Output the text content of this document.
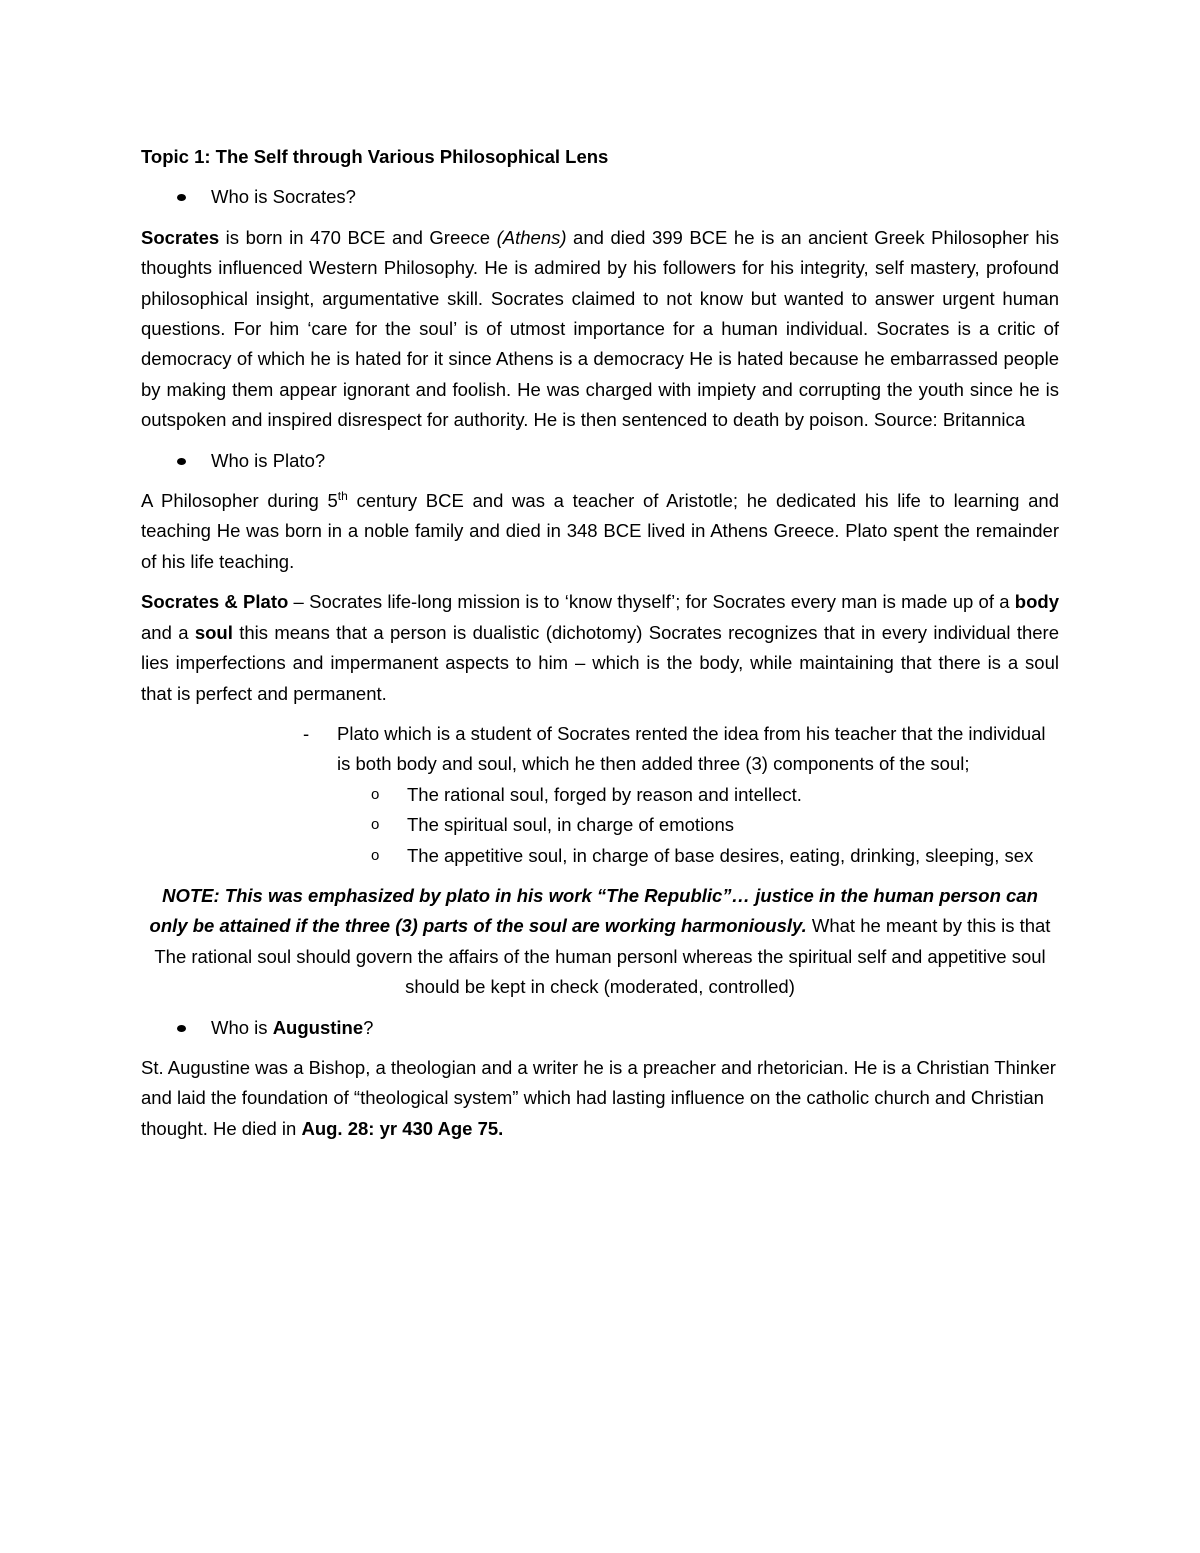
Topic 1: The Self through Various Philosophical Lens

Who is Socrates?

Socrates is born in 470 BCE and Greece (Athens) and died 399 BCE he is an ancient Greek Philosopher his thoughts influenced Western Philosophy. He is admired by his followers for his integrity, self mastery, profound philosophical insight, argumentative skill. Socrates claimed to not know but wanted to answer urgent human questions. For him ‘care for the soul’ is of utmost importance for a human individual. Socrates is a critic of democracy of which he is hated for it since Athens is a democracy He is hated because he embarrassed people by making them appear ignorant and foolish. He was charged with impiety and corrupting the youth since he is outspoken and inspired disrespect for authority. He is then sentenced to death by poison. Source: Britannica

Who is Plato?

A Philosopher during 5th century BCE and was a teacher of Aristotle; he dedicated his life to learning and teaching He was born in a noble family and died in 348 BCE lived in Athens Greece. Plato spent the remainder of his life teaching.

Socrates & Plato – Socrates life-long mission is to ‘know thyself’; for Socrates every man is made up of a body and a soul this means that a person is dualistic (dichotomy) Socrates recognizes that in every individual there lies imperfections and impermanent aspects to him – which is the body, while maintaining that there is a soul that is perfect and permanent.

- Plato which is a student of Socrates rented the idea from his teacher that the individual is both body and soul, which he then added three (3) components of the soul;
o The rational soul, forged by reason and intellect.
o The spiritual soul, in charge of emotions
o The appetitive soul, in charge of base desires, eating, drinking, sleeping, sex

NOTE: This was emphasized by plato in his work “The Republic”… justice in the human person can only be attained if the three (3) parts of the soul are working harmoniously. What he meant by this is that The rational soul should govern the affairs of the human personl whereas the spiritual self and appetitive soul should be kept in check (moderated, controlled)

Who is Augustine?

St. Augustine was a Bishop, a theologian and a writer he is a preacher and rhetorician. He is a Christian Thinker and laid the foundation of “theological system” which had lasting influence on the catholic church and Christian thought. He died in Aug. 28: yr 430 Age 75.
